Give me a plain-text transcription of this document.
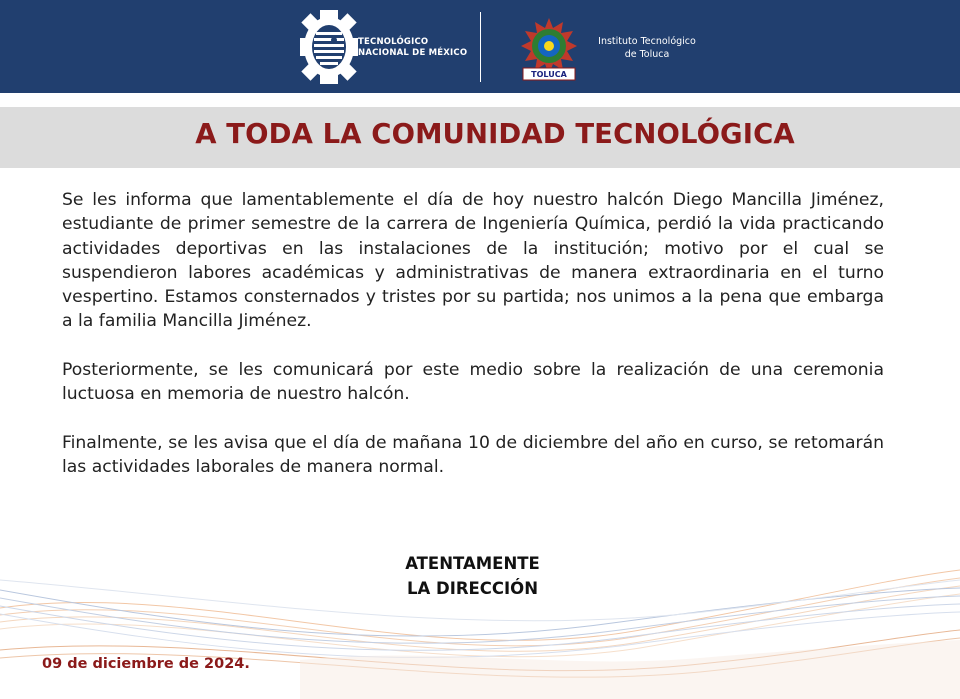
TECNOLÓGICO
NACIONAL DE MÉXICO
TOLUCA
Instituto Tecnológico
de Toluca
A TODA LA COMUNIDAD TECNOLÓGICA

Se les informa que lamentablemente el día de hoy nuestro halcón Diego Mancilla Jiménez, estudiante de primer semestre de la carrera de Ingeniería Química, perdió la vida practicando actividades deportivas en las instalaciones de la institución; motivo por el cual se suspendieron labores académicas y administrativas de manera extraordinaria en el turno vespertino. Estamos consternados y tristes por su partida; nos unimos a la pena que embarga a la familia Mancilla Jiménez.

Posteriormente, se les comunicará por este medio sobre la realización de una ceremonia luctuosa en memoria de nuestro halcón.

Finalmente, se les avisa que el día de mañana 10 de diciembre del año en curso, se retomarán las actividades laborales de manera normal.

ATENTAMENTE
LA DIRECCIÓN
09 de diciembre de 2024.
